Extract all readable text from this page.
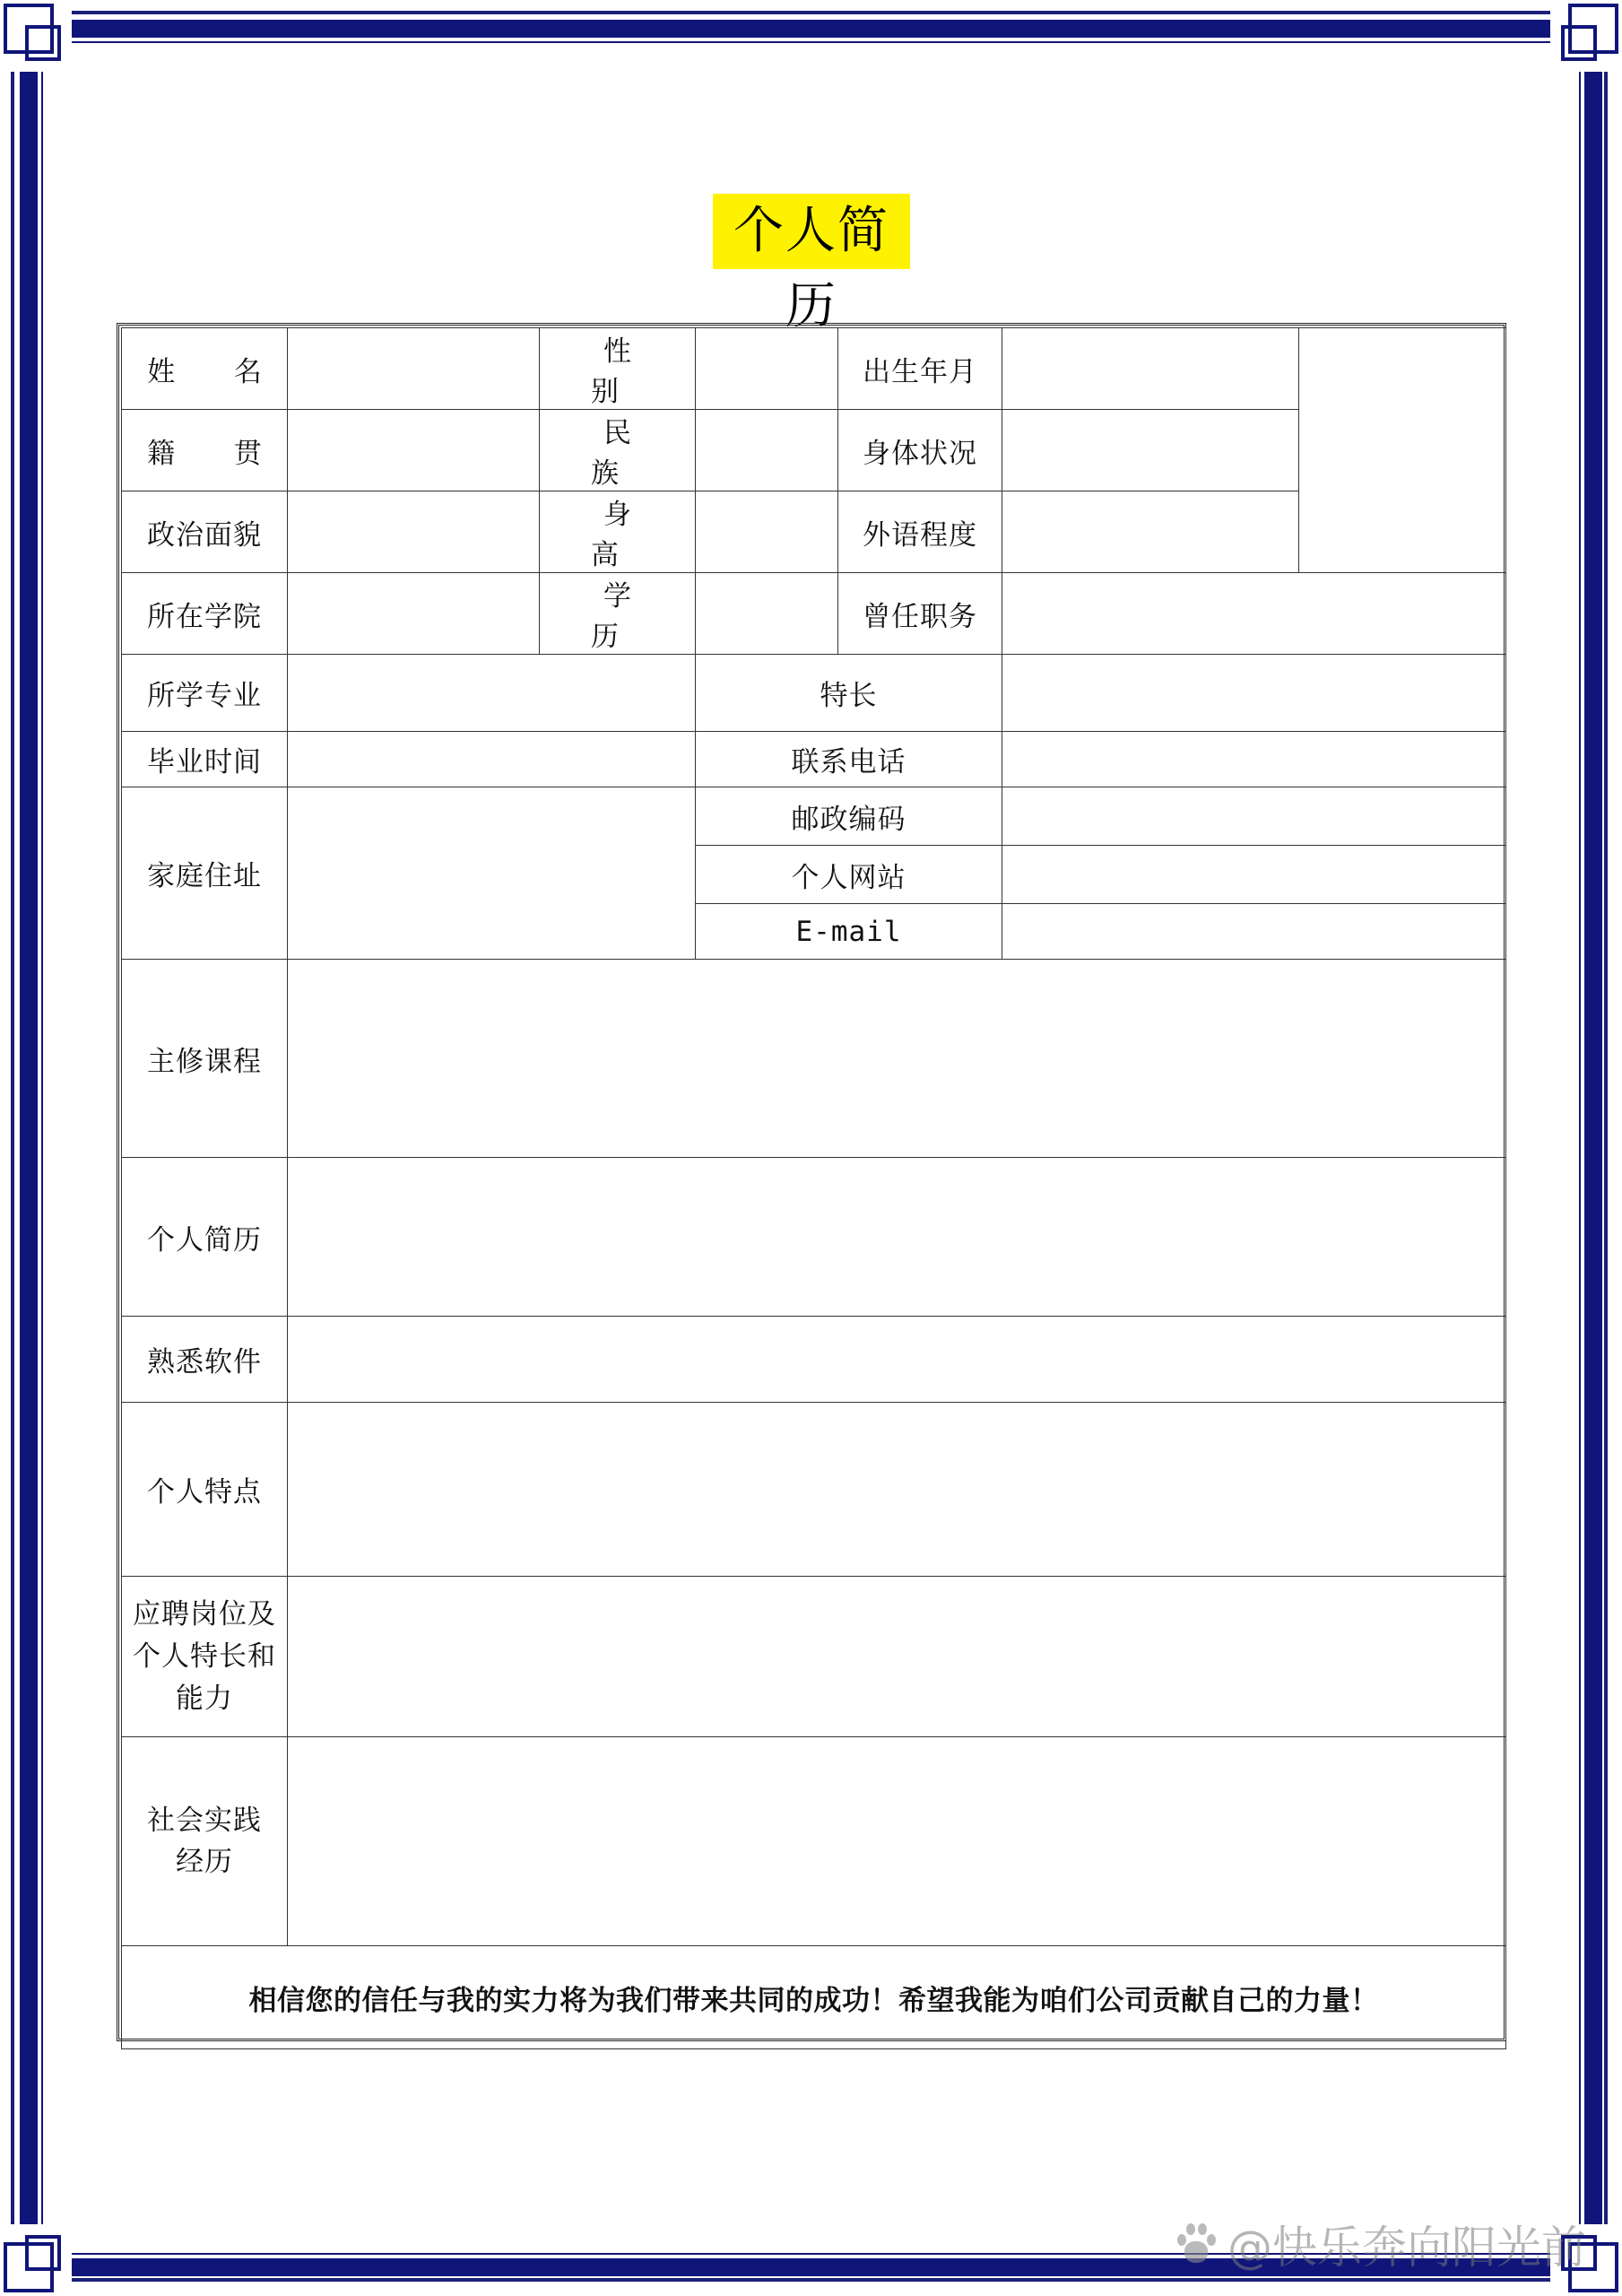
个人简历
姓 名		性 别		出生年月		
籍 贯		民 族		身体状况		
政治面貌		身 高		外语程度		
所在学院		学 历		曾任职务		
所学专业			特长			
毕业时间			联系电话			
家庭住址			邮政编码			
			个人网站			
			E-mail			
主修课程						
个人简历						
熟悉软件						
个人特点						
应聘岗位及个人特长和能力						
社会实践经历						
相信您的信任与我的实力将为我们带来共同的成功！希望我能为咱们公司贡献自己的力量！						
@快乐奔向阳光前
